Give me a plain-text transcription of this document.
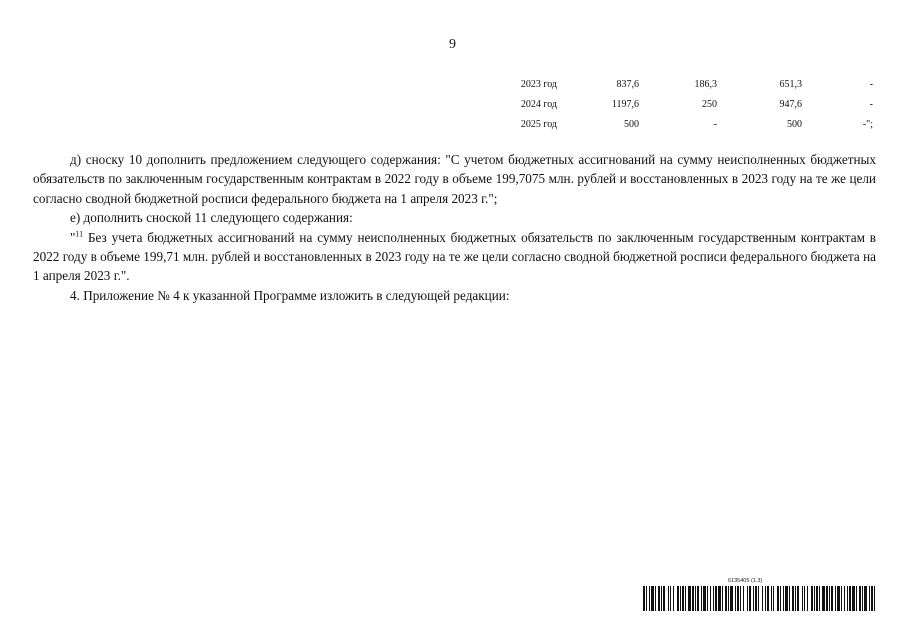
9
2023 год	837,6	186,3	651,3	-
2024 год	1197,6	250	947,6	-
2025 год	500	-	500	-";

д) сноску 10 дополнить предложением следующего содержания: "С учетом бюджетных ассигнований на сумму неисполненных бюджетных обязательств по заключенным государственным контрактам в 2022 году в объеме 199,7075 млн. рублей и восстановленных в 2023 году на те же цели согласно сводной бюджетной росписи федерального бюджета на 1 апреля 2023 г.";

е) дополнить сноской 11 следующего содержания:

"$^{11}$ Без учета бюджетных ассигнований на сумму неисполненных бюджетных обязательств по заключенным государственным контрактам в 2022 году в объеме 199,71 млн. рублей и восстановленных в 2023 году на те же цели согласно сводной бюджетной росписи федерального бюджета на 1 апреля 2023 г.".

4. Приложение № 4 к указанной Программе изложить в следующей редакции:

6135405 (1.3)
